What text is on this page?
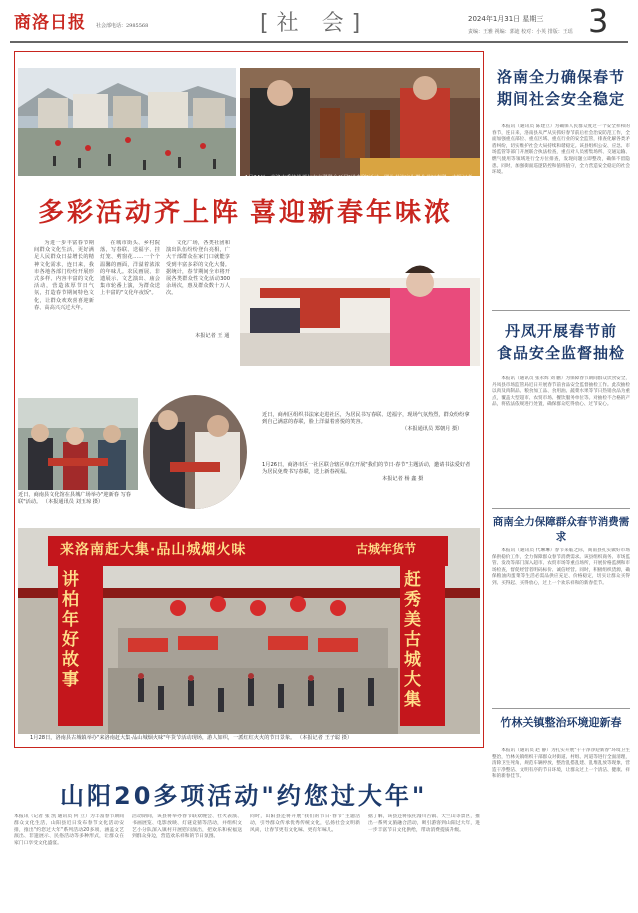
商洛日报 社会部电话：2985568	[社 会]	2024年1月31日 星期三
责编：王雅 视编：郭迪 校对：小英 排版：王瑶 3
1月24日，商洛市委统战部与市文联联合开展"送春联"活动，图为书法家为群众书写春联。本报记者 王子聪 摄
多彩活动齐上阵 喜迎新春年味浓

为进一步丰富春节期间群众文化生活，更好满足人民群众日益增长的精神文化需求，连日来，我市各地各部门纷纷开展形式多样、内容丰富的文化活动，营造浓厚节日气氛，打造春节期间特色文化，让群众欢欢喜喜迎新春、高高兴兴过大年。

在城市街头、乡村院落，写春联、送福字、挂灯笼、剪窗花……一个个温馨的画面，洋溢着浓浓的年味儿。农民画展、非遗展示、文艺演出、庙会集市轮番上演，为群众送上丰富的"文化年夜饭"。

文化广场，各类社团和演出队伍纷纷登台亮相，广大干部群众在家门口就能享受到丰富多彩的文化大餐。据统计，春节期间全市将开展各类群众性文化活动300余场次，惠及群众数十万人次。

本报记者 王 通
近日，商南县文化馆在县城广场举办"迎新春 写春联"活动。 （本报通讯员 刘玉琼 摄）
近日，商州区组织书法家走进社区，为居民书写春联、送福字，现场气氛热烈，群众纷纷拿到自己满意的春联，脸上洋溢着喜悦的笑容。
（本报通讯员 郑朝月 摄）
1月26日，商洛市区一社区联合辖区单位开展"我们的节日·春节"主题活动，邀请书法爱好者为居民免费书写春联，送上新春祝福。
本报记者 杨 鑫 摄
来洛南赶大集·品山城烟火味	古城年货节
讲柏年好故事
赶秀美古城大集
1月28日，洛南县古城镇举办"来洛南赶大集·品山城烟火味"年货节活动现场，游人如织，一派红红火火的节日景象。 （本报记者 王子聪 摄）
洛南全力确保春节
期间社会安全稳定

本报讯（通讯员 陈建立）为确保人民群众度过一个安全祥和的春节，连日来，洛南县从严从实抓好春节前后社会治安防范工作，全面加强重点部位、重点区域、重点行业的安全监管，排查化解各类矛盾纠纷，切实维护社会大局持续和谐稳定。该县组织公安、应急、市场监管等部门开展联合执法检查，重点对人员密集场所、交通运输、燃气使用等领域进行全方位排查，发现问题立即整改，确保不留隐患。同时，加强街面巡逻防控和值班值守，全力营造安全稳定的社会环境。

丹凤开展春节前
食品安全监督抽检

本报讯（通讯员 张永辉 刘 鹏）为保障春节期间群众饮食安全，丹凤县市场监管局近日开展春节前食品安全监督抽检工作。此次抽检以肉及肉制品、粮食加工品、食用油、蔬菜水果等节日热销食品为重点，覆盖大型超市、农贸市场、餐饮服务单位等。对抽检不合格的产品，将依法依规进行处置，确保群众吃得放心、过节安心。

商南全力保障群众春节消费需求

本报讯（通讯员 代琳琳）春节来临之际，商南县扎实做好市场保供稳价工作，全力保障群众春节消费需求。该县组织商务、市场监管、发改等部门深入超市、农贸市场等重点场所，开展价格监测和市场检查，督促经营者明码标价、诚信经营。同时，积极组织货源，确保粮油肉蛋菜等生活必需品供应充足、价格稳定，切实让群众买得到、买得起、买得放心，过上一个欢乐祥和的新春佳节。

竹林关镇整治环境迎新春

本报讯（通讯员 赵 静）为扎实开展"干干净净迎新春"环境卫生整治，竹林关镇组织干部群众对街道、村组、河道等进行全面清理，清除卫生死角，规范车辆停放，整治乱搭乱建、乱堆乱放等现象，营造干净整洁、文明有序的节日环境，让群众过上一个清洁、健康、祥和的新春佳节。

山阳20多项活动"约您过大年"
本报讯（记者 张 凯 通讯员 何 立）为丰富春节期间群众文化生活，山阳县近日发布春节文化活动安排，推出"约您过大年"系列活动20多项，涵盖文艺演出、非遗展示、民俗活动等多种形式，让群众在家门口享受文化盛宴。
活动期间，该县将举办春节联欢晚会、社火表演、书画展览、电影放映、灯谜竞猜等活动，并组织文艺小分队深入镇村开展慰问演出，把欢乐和祝福送到群众身边，营造欢乐祥和的节日氛围。
同时，山阳县还将开展"我们的节日·春节"主题活动，引导群众传承优秀传统文化，弘扬社会文明新风尚，让春节更有文化味、更有年味儿。
据了解，该县还将依托漫川古镇、天竺山等景区，推出一系列文旅融合活动，吸引游客到山阳过大年，进一步丰富节日文化供给，带动消费提质升级。
